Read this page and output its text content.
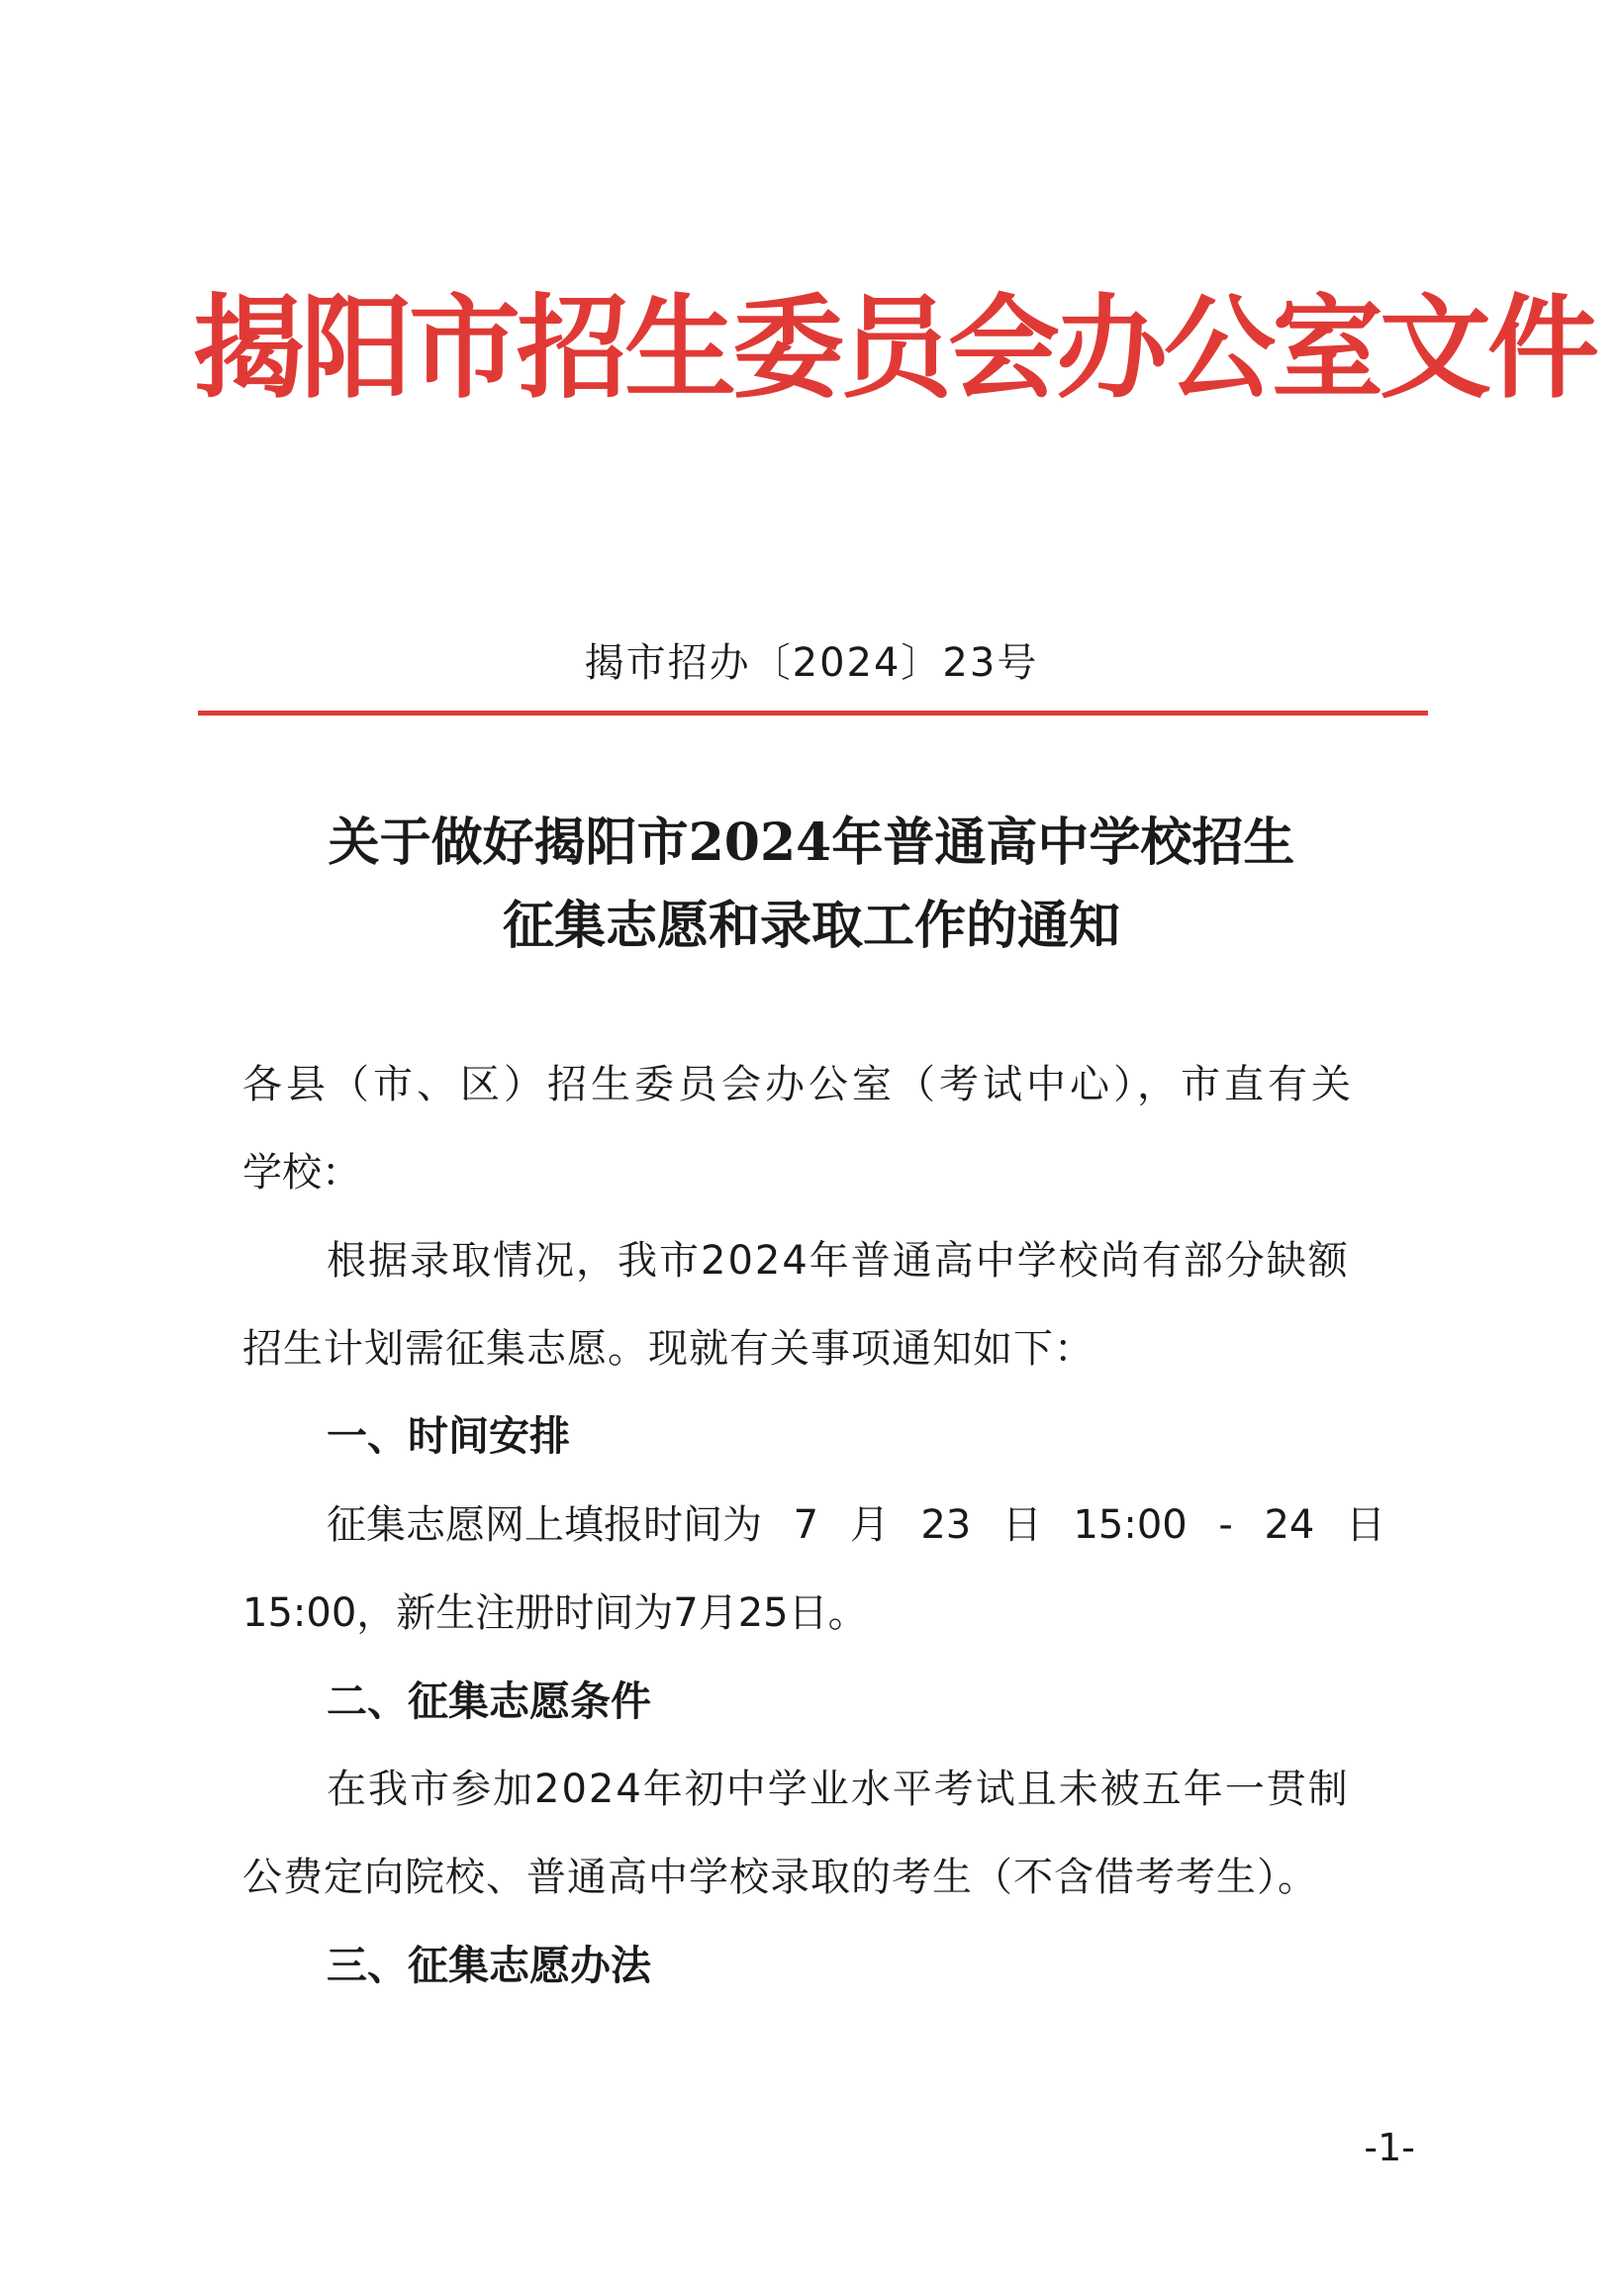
揭阳市招生委员会办公室文件
揭市招办〔2024〕23号
关于做好揭阳市2024年普通高中学校招生
征集志愿和录取工作的通知
各县（市、区）招生委员会办公室（考试中心），市直有关
学校：
根据录取情况，我市2024年普通高中学校尚有部分缺额
招生计划需征集志愿。现就有关事项通知如下：
一、时间安排
征集志愿网上填报时间为 7 月 23 日 15:00 - 24 日
15:00，新生注册时间为7月25日。
二、征集志愿条件
在我市参加2024年初中学业水平考试且未被五年一贯制
公费定向院校、普通高中学校录取的考生（不含借考考生）。
三、征集志愿办法
-1-
